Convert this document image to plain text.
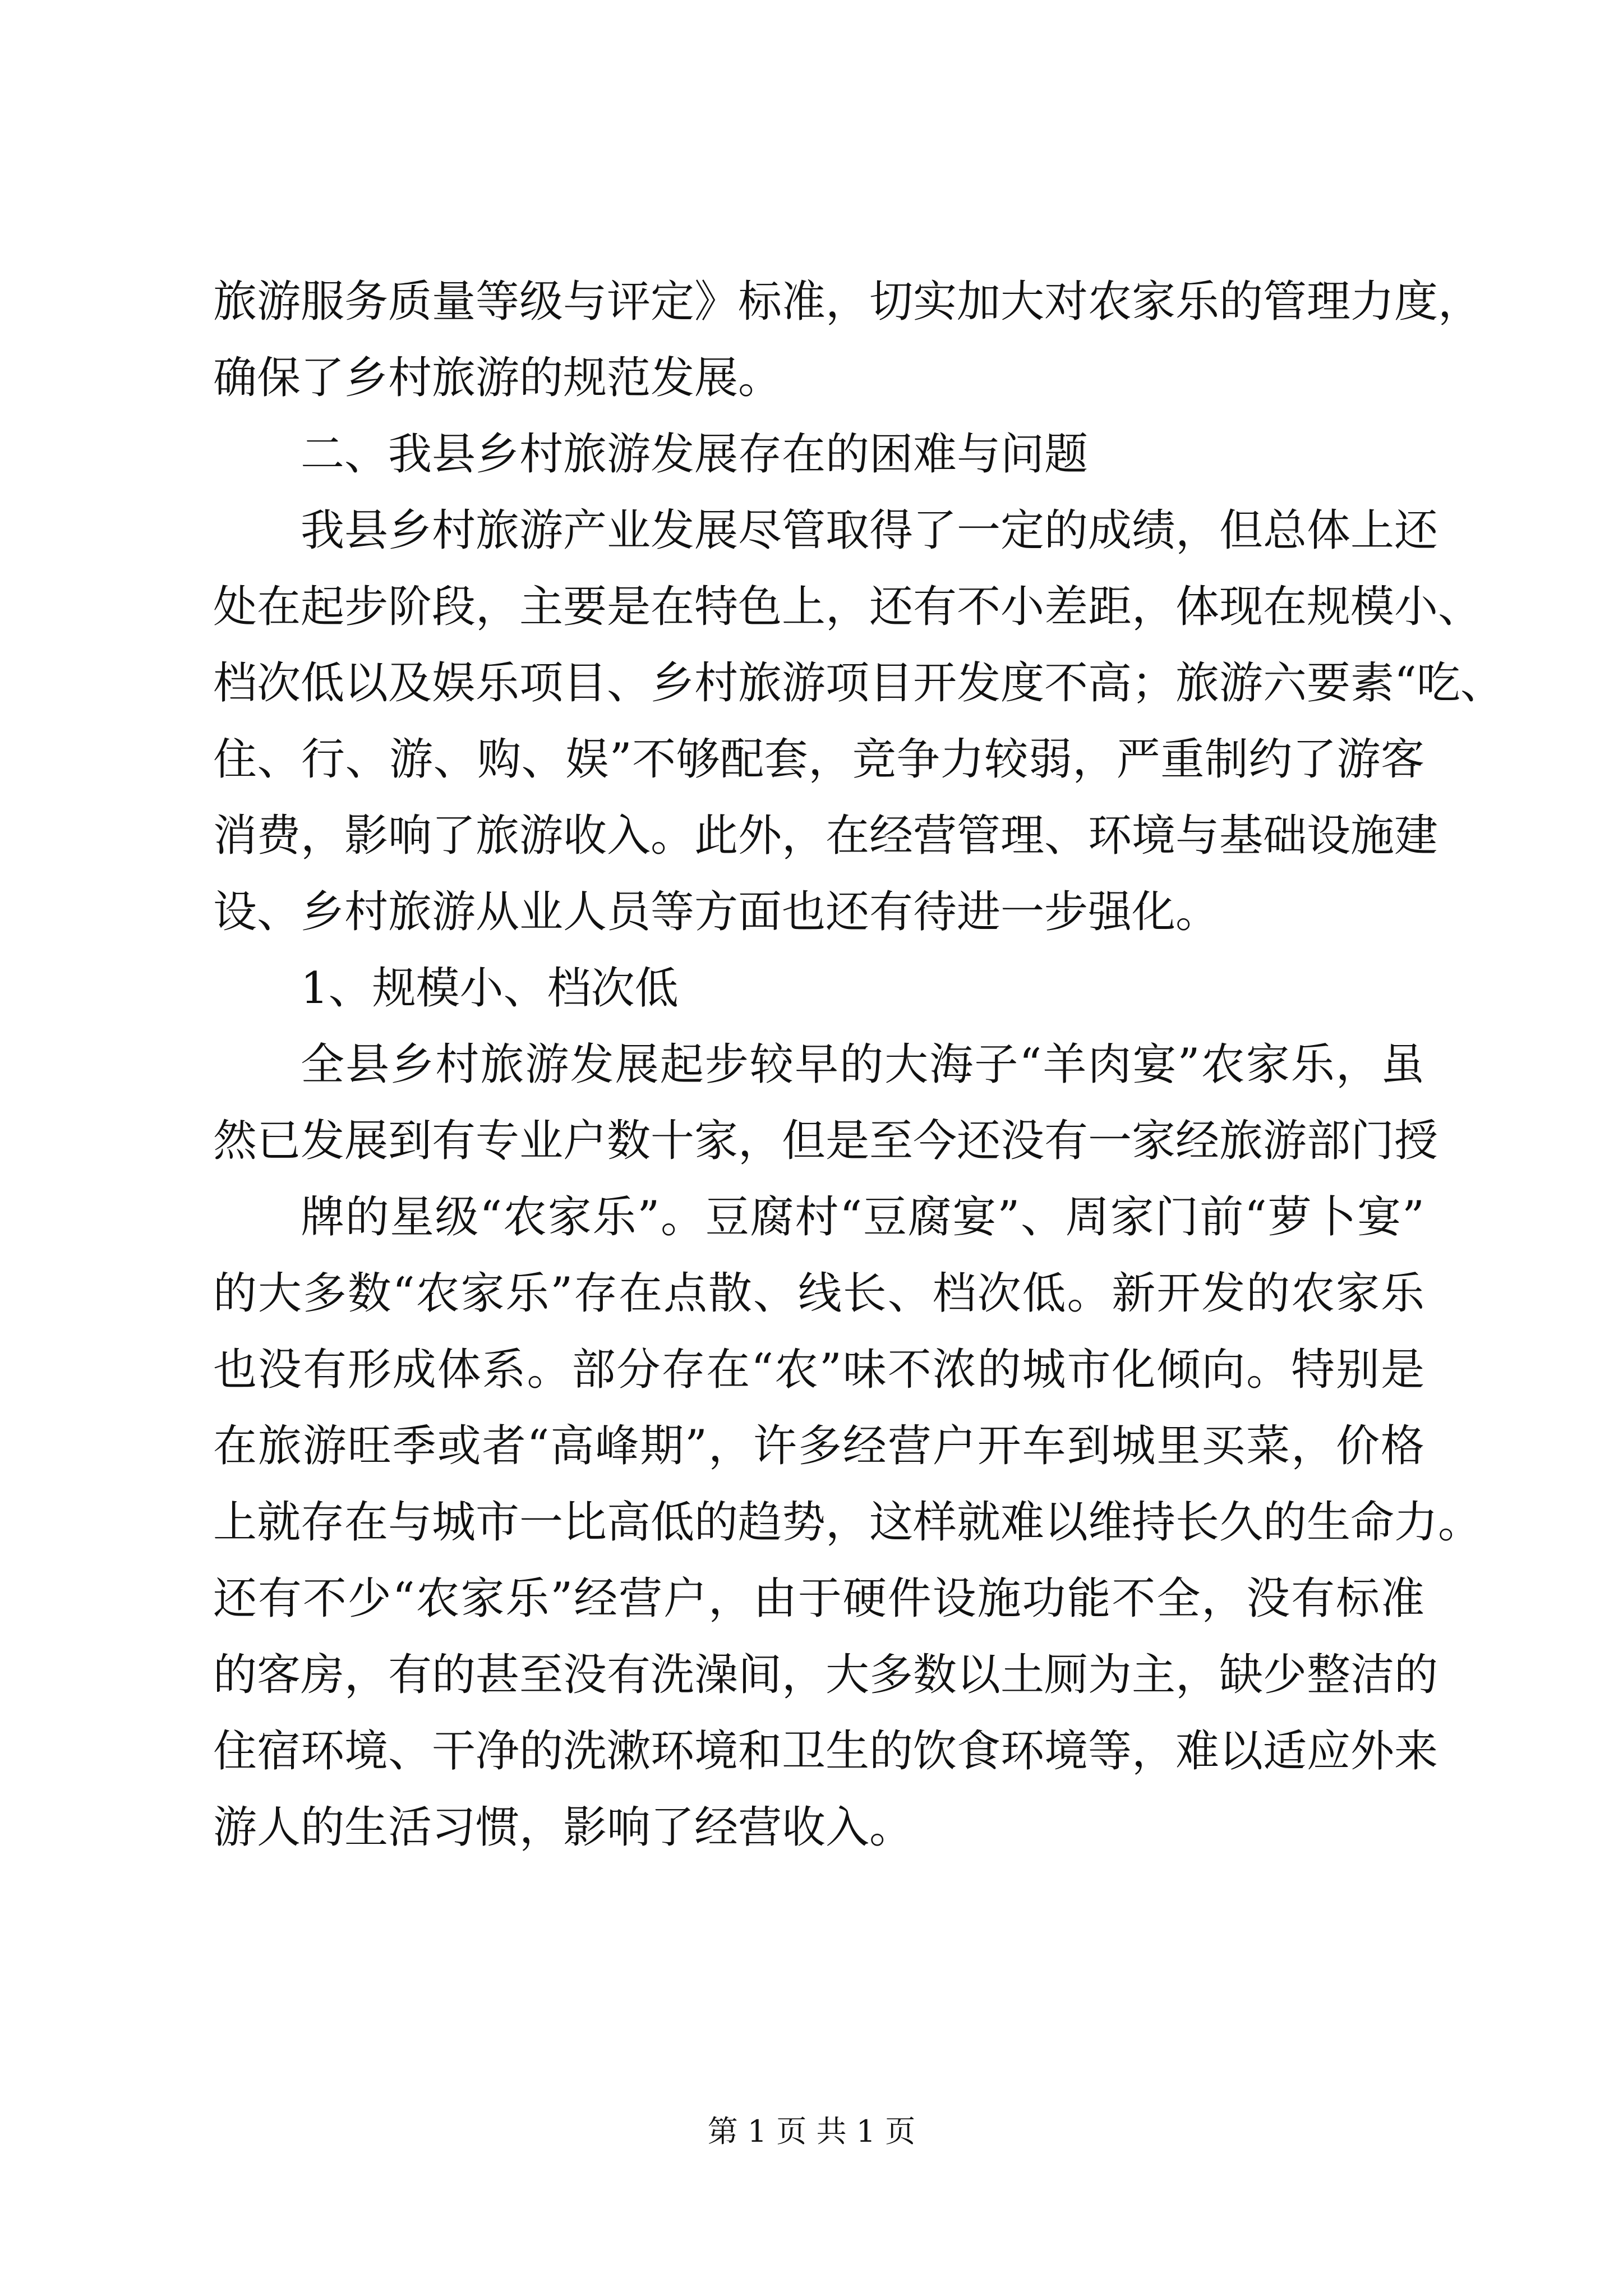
旅游服务质量等级与评定》标准，切实加大对农家乐的管理力度，
确保了乡村旅游的规范发展。
二、我县乡村旅游发展存在的困难与问题
我县乡村旅游产业发展尽管取得了一定的成绩，但总体上还
处在起步阶段，主要是在特色上，还有不小差距，体现在规模小、
档次低以及娱乐项目、乡村旅游项目开发度不高；旅游六要素“吃、
住、行、游、购、娱”不够配套，竞争力较弱，严重制约了游客
消费，影响了旅游收入。此外，在经营管理、环境与基础设施建
设、乡村旅游从业人员等方面也还有待进一步强化。
1、规模小、档次低
全县乡村旅游发展起步较早的大海子“羊肉宴”农家乐，虽
然已发展到有专业户数十家，但是至今还没有一家经旅游部门授
牌的星级“农家乐”。豆腐村“豆腐宴”、周家门前“萝卜宴”
的大多数“农家乐”存在点散、线长、档次低。新开发的农家乐
也没有形成体系。部分存在“农”味不浓的城市化倾向。特别是
在旅游旺季或者“高峰期”，许多经营户开车到城里买菜，价格
上就存在与城市一比高低的趋势，这样就难以维持长久的生命力。
还有不少“农家乐”经营户，由于硬件设施功能不全，没有标准
的客房，有的甚至没有洗澡间，大多数以土厕为主，缺少整洁的
住宿环境、干净的洗漱环境和卫生的饮食环境等，难以适应外来
游人的生活习惯，影响了经营收入。
第 1 页 共 1 页
